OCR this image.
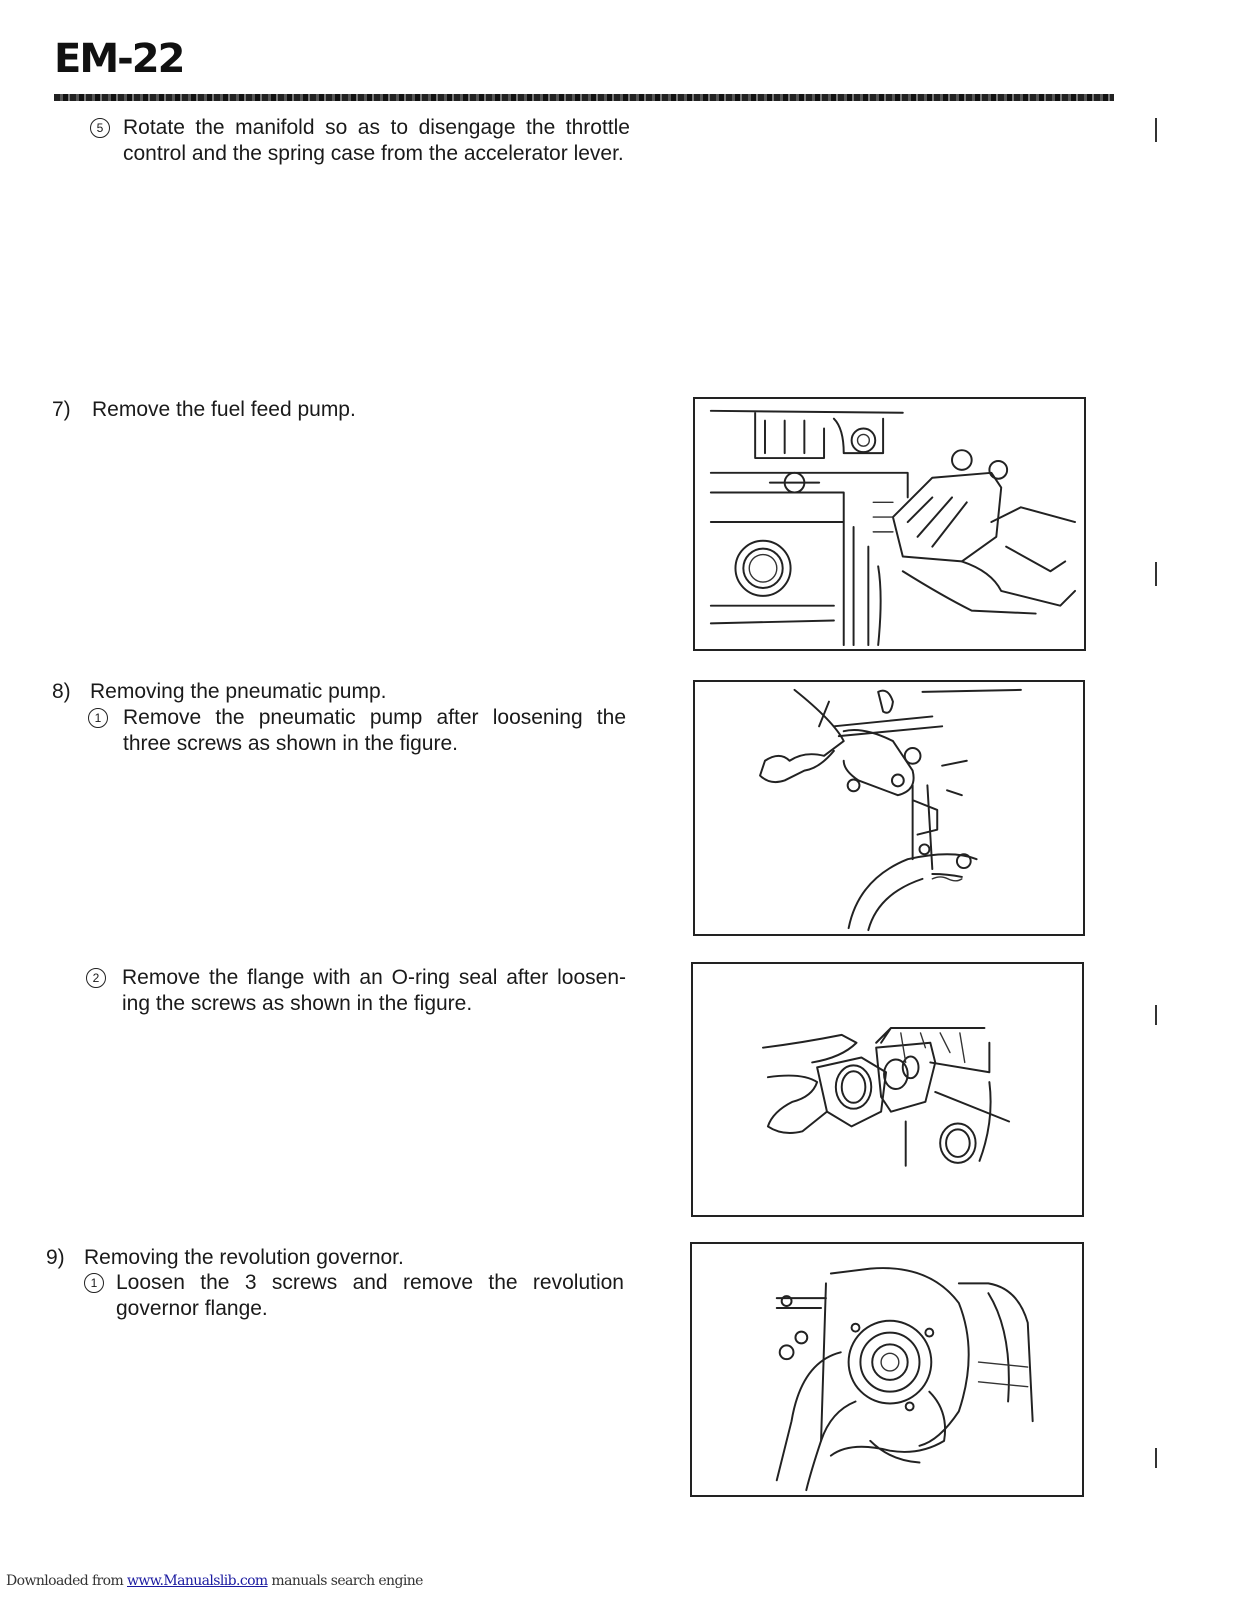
EM-22
5 Rotate the manifold so as to disengage the throttle control and the spring case from the accelerator lever.
7)	Remove the fuel feed pump.
8) Removing the pneumatic pump.
1	Remove the pneumatic pump after loosening the three screws as shown in the figure.
2	Remove the flange with an O-ring seal after loosen-ing the screws as shown in the figure.
9) Removing the revolution governor.
1 Loosen the 3 screws and remove the revolution governor flange.
Downloaded from www.Manualslib.com manuals search engine
